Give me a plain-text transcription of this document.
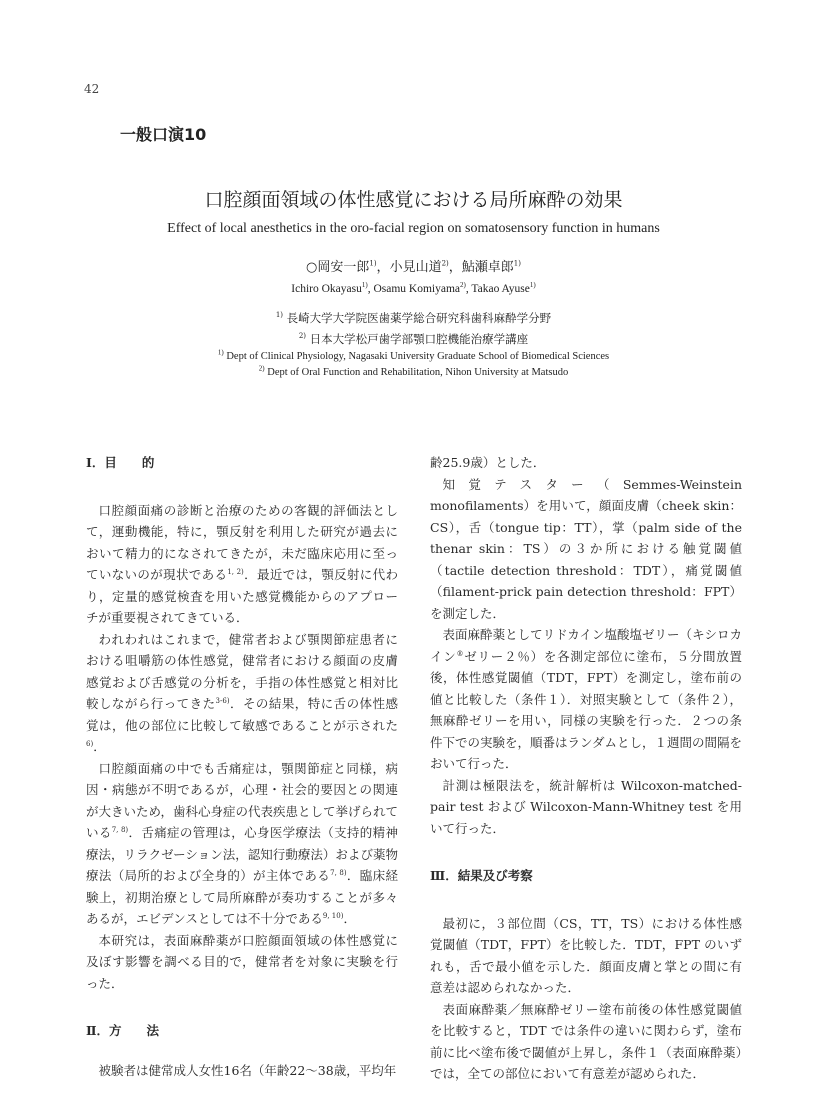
42
一般口演10
口腔顔面領域の体性感覚における局所麻酔の効果
Effect of local anesthetics in the oro-facial region on somatosensory function in humans
○岡安一郎$^{1)}$，小見山道$^{2)}$，鮎瀬卓郎$^{1)}$
Ichiro Okayasu$^{1)}$, Osamu Komiyama$^{2)}$, Takao Ayuse$^{1)}$
$^{1)}$ 長崎大学大学院医歯薬学総合研究科歯科麻酔学分野
$^{2)}$ 日本大学松戸歯学部顎口腔機能治療学講座
$^{1)}$ Dept of Clinical Physiology, Nagasaki University Graduate School of Biomedical Sciences
$^{2)}$ Dept of Oral Function and Rehabilitation, Nihon University at Matsudo

Ⅰ．目　　的

口腔顔面痛の診断と治療のための客観的評価法として，運動機能，特に，顎反射を利用した研究が過去において精力的になされてきたが，未だ臨床応用に至っていないのが現状である$^{1, 2)}$．最近では，顎反射に代わり，定量的感覚検査を用いた感覚機能からのアプローチが重要視されてきている．

われわれはこれまで，健常者および顎関節症患者における咀嚼筋の体性感覚，健常者における顔面の皮膚感覚および舌感覚の分析を，手指の体性感覚と相対比較しながら行ってきた$^{3-6)}$．その結果，特に舌の体性感覚は，他の部位に比較して敏感であることが示された$^{6)}$．

口腔顔面痛の中でも舌痛症は，顎関節症と同様，病因・病態が不明であるが，心理・社会的要因との関連が大きいため，歯科心身症の代表疾患として挙げられている$^{7, 8)}$．舌痛症の管理は，心身医学療法（支持的精神療法，リラクゼーション法，認知行動療法）および薬物療法（局所的および全身的）が主体である$^{7, 8)}$．臨床経験上，初期治療として局所麻酔が奏功することが多々あるが，エビデンスとしては不十分である$^{9, 10)}$．

本研究は，表面麻酔薬が口腔顔面領域の体性感覚に及ぼす影響を調べる目的で，健常者を対象に実験を行った．

Ⅱ．方　　法

被験者は健常成人女性16名（年齢22～38歳，平均年

齢25.9歳）とした．

知覚テスター（Semmes-Weinstein monofilaments）を用いて，顔面皮膚（cheek skin：CS），舌（tongue tip：TT），掌（palm side of the thenar skin：TS）の３か所における触覚閾値（tactile detection threshold：TDT），痛覚閾値（filament-prick pain detection threshold：FPT）を測定した．

表面麻酔薬としてリドカイン塩酸塩ゼリー（キシロカイン®ゼリー２％）を各測定部位に塗布，５分間放置後，体性感覚閾値（TDT，FPT）を測定し，塗布前の値と比較した（条件１）．対照実験として（条件２），無麻酔ゼリーを用い，同様の実験を行った．２つの条件下での実験を，順番はランダムとし，１週間の間隔をおいて行った．

計測は極限法を，統計解析は Wilcoxon-matched-pair test および Wilcoxon-Mann-Whitney test を用いて行った．

Ⅲ．結果及び考察

最初に，３部位間（CS，TT，TS）における体性感覚閾値（TDT，FPT）を比較した．TDT，FPT のいずれも，舌で最小値を示した．顔面皮膚と掌との間に有意差は認められなかった．

表面麻酔薬／無麻酔ゼリー塗布前後の体性感覚閾値を比較すると，TDT では条件の違いに関わらず，塗布前に比べ塗布後で閾値が上昇し，条件１（表面麻酔薬）では，全ての部位において有意差が認められた．
